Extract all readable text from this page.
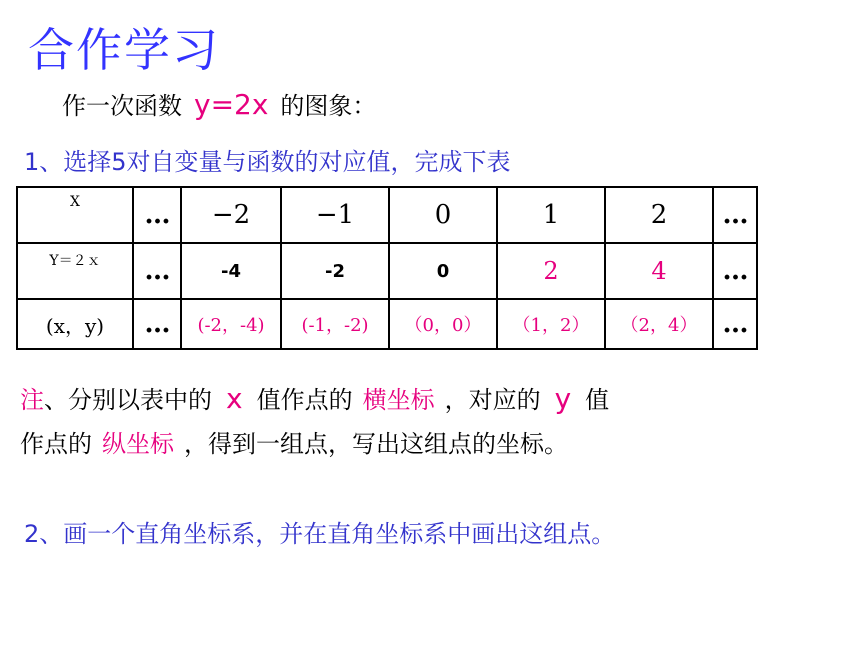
合作学习
作一次函数 y=2x 的图象：
1、选择5对自变量与函数的对应值，完成下表
X	…	−2	−1	0	1	2	…
Y＝２ｘ	…	-4	-2	0	2	4	…
(x，y)	…	(-2，-4)	(-1，-2)	（0，0）	（1，2）	（2，4）	…
注、分别以表中的 x 值作点的 横坐标 ，对应的 y 值
作点的 纵坐标 ，得到一组点，写出这组点的坐标。
2、画一个直角坐标系，并在直角坐标系中画出这组点。
